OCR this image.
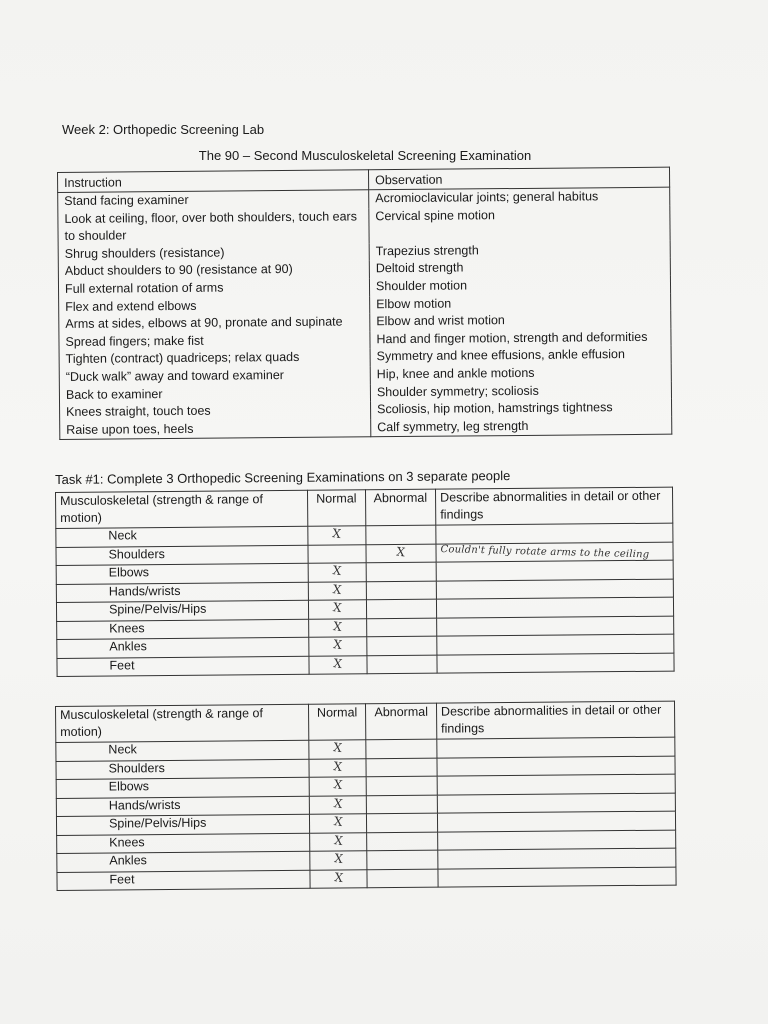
Week 2: Orthopedic Screening Lab
The 90 – Second Musculoskeletal Screening Examination
Instruction	Observation
Stand facing examiner	Acromioclavicular joints; general habitus
Look at ceiling, floor, over both shoulders, touch ears to shoulder	Cervical spine motion
Shrug shoulders (resistance)	Trapezius strength
Abduct shoulders to 90 (resistance at 90)	Deltoid strength
Full external rotation of arms	Shoulder motion
Flex and extend elbows	Elbow motion
Arms at sides, elbows at 90, pronate and supinate	Elbow and wrist motion
Spread fingers; make fist	Hand and finger motion, strength and deformities
Tighten (contract) quadriceps; relax quads	Symmetry and knee effusions, ankle effusion
“Duck walk” away and toward examiner	Hip, knee and ankle motions
Back to examiner	Shoulder symmetry; scoliosis
Knees straight, touch toes	Scoliosis, hip motion, hamstrings tightness
Raise upon toes, heels	Calf symmetry, leg strength
Task #1: Complete 3 Orthopedic Screening Examinations on 3 separate people
Musculoskeletal (strength & range of motion)	Normal	Abnormal	Describe abnormalities in detail or other findings
Neck	X		
Shoulders		X	Couldn't fully rotate arms to the ceiling
Elbows	X		
Hands/wrists	X		
Spine/Pelvis/Hips	X		
Knees	X		
Ankles	X		
Feet	X		
Musculoskeletal (strength & range of motion)	Normal	Abnormal	Describe abnormalities in detail or other findings
Neck	X		
Shoulders	X		
Elbows	X		
Hands/wrists	X		
Spine/Pelvis/Hips	X		
Knees	X		
Ankles	X		
Feet	X		
